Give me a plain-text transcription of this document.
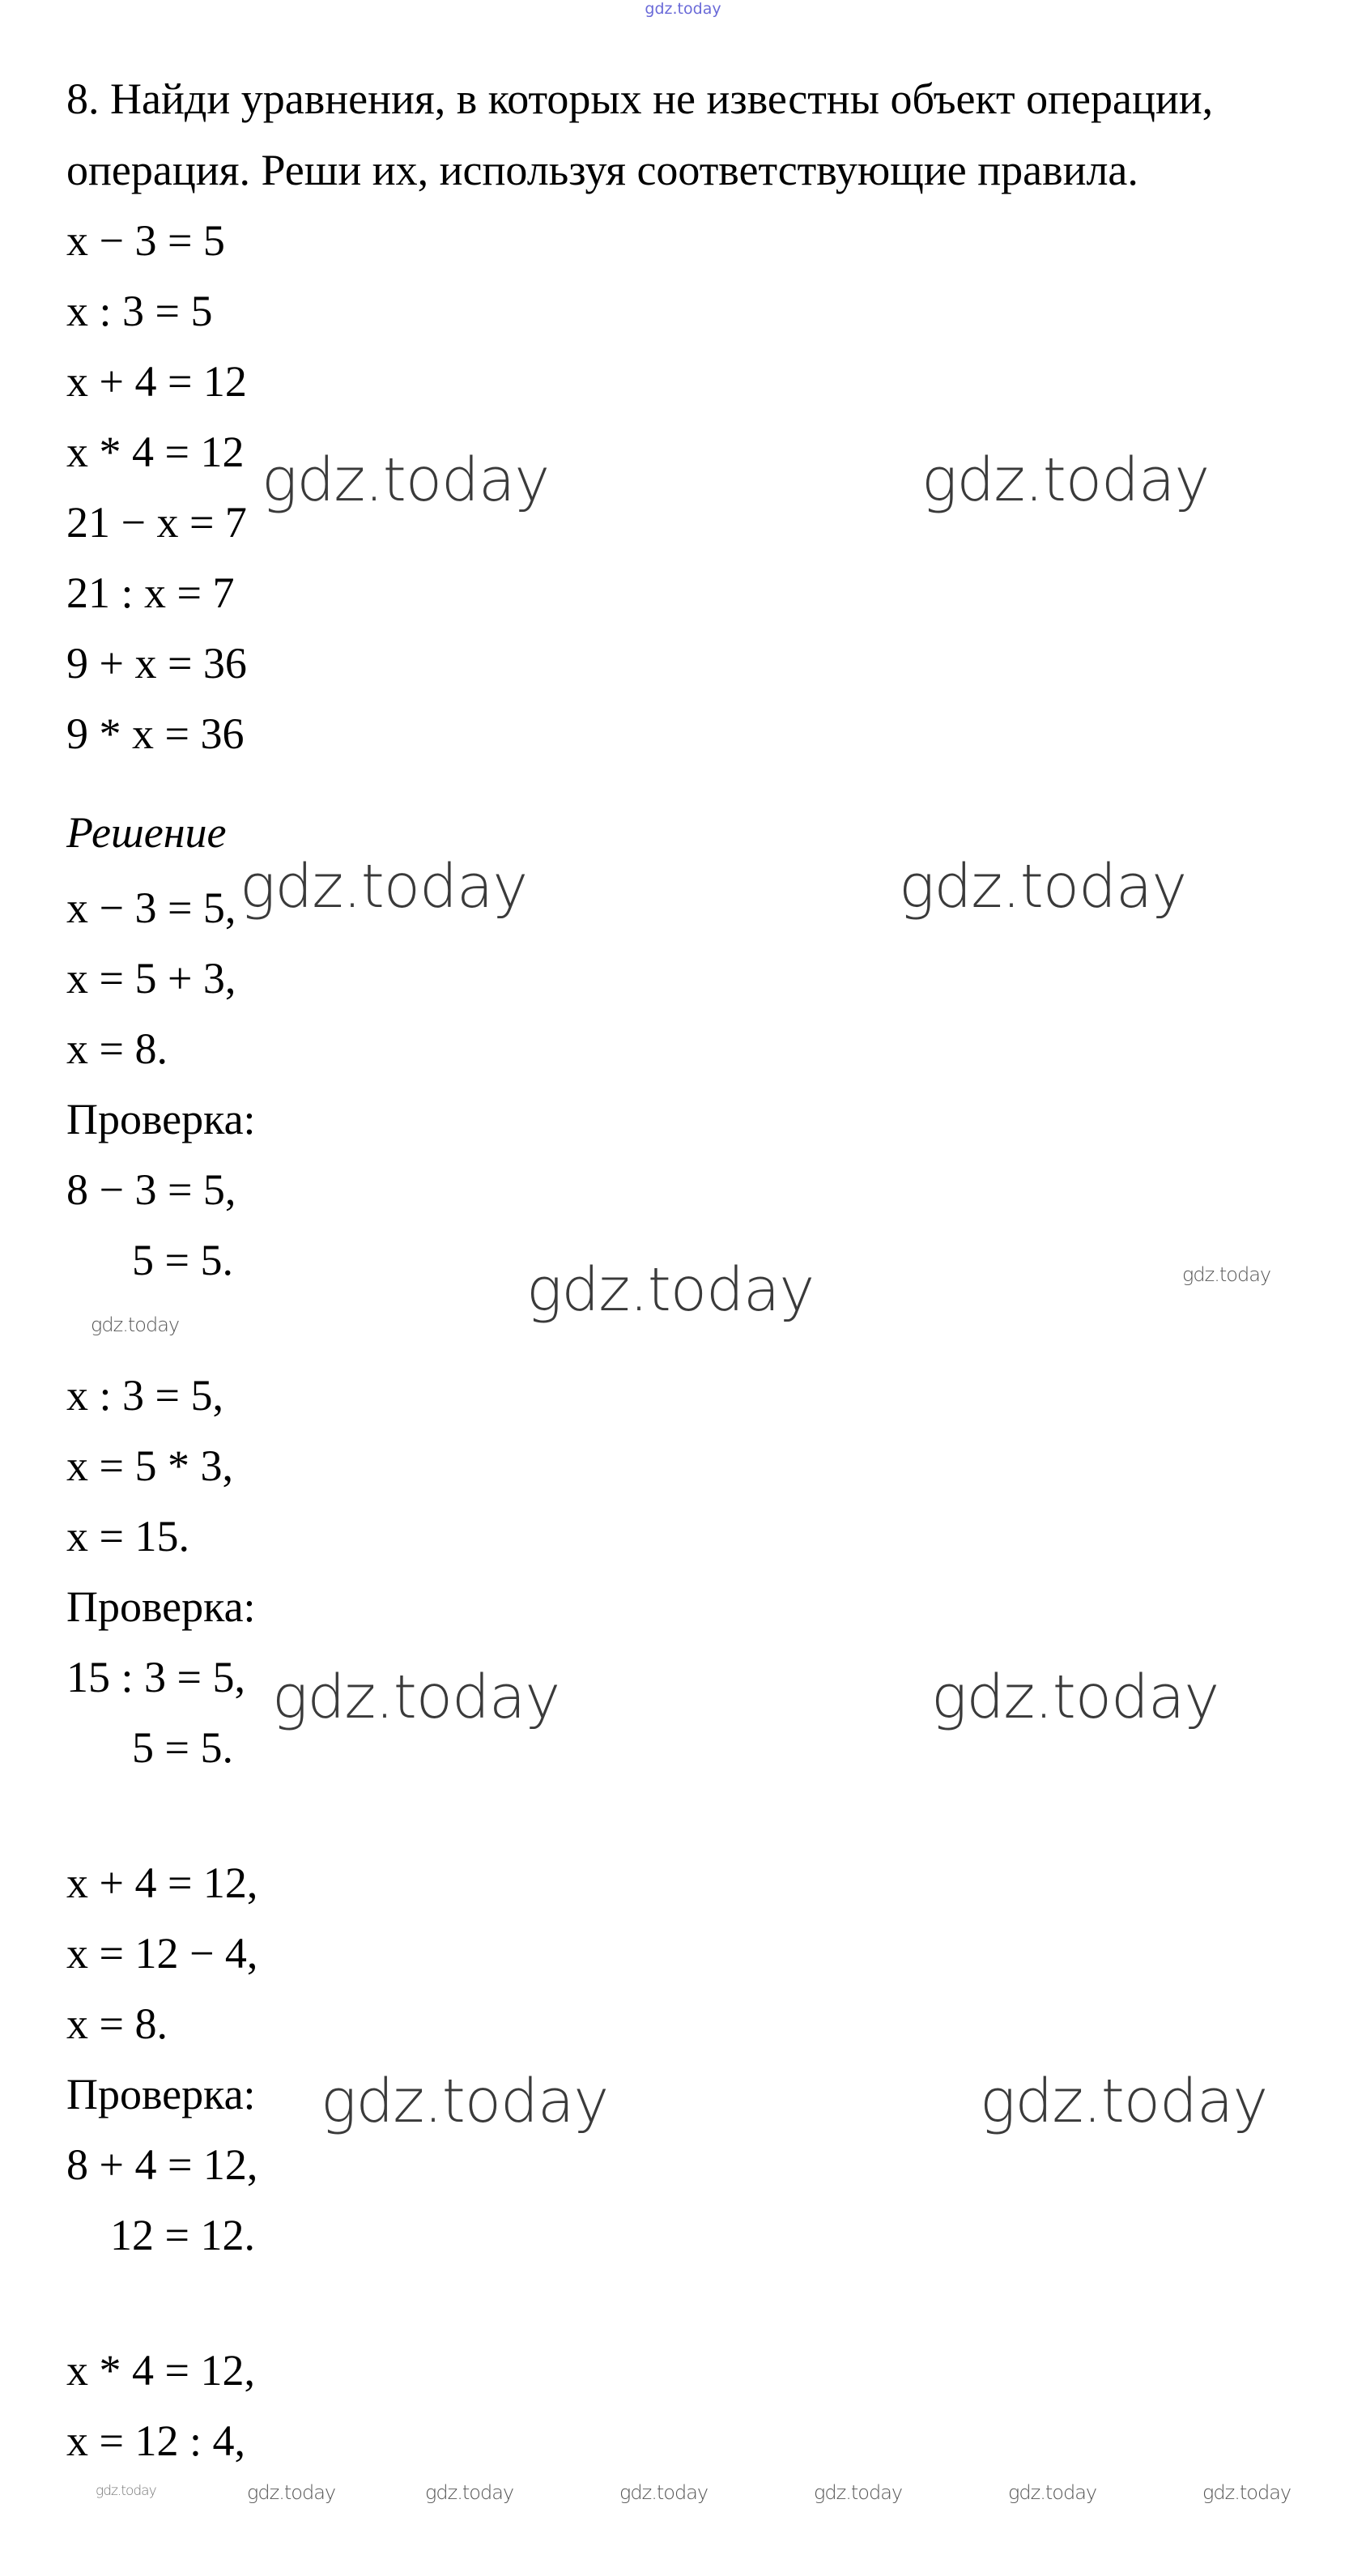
gdz.today

8. Найди уравнения, в которых не известны объект операции,
операция. Реши их, используя соответствующие правила.

x − 3 = 5
x : 3 = 5
x + 4 = 12
x * 4 = 12
21 − x = 7
21 : x = 7
9 + x = 36
9 * x = 36
Решение
x − 3 = 5,
x = 5 + 3,
x = 8.
Проверка:
8 − 3 = 5,
5 = 5.
x : 3 = 5,
x = 5 * 3,
x = 15.
Проверка:
15 : 3 = 5,
5 = 5.
x + 4 = 12,
x = 12 − 4,
x = 8.
Проверка:
8 + 4 = 12,
12 = 12.
x * 4 = 12,
x = 12 : 4,
gdz.today	gdz.today
gdz.today	gdz.today
gdz.today	gdz.today
gdz.today
gdz.today	gdz.today
gdz.today	gdz.today
gdz.today	gdz.today	gdz.today	gdz.today	gdz.today	gdz.today	gdz.today
